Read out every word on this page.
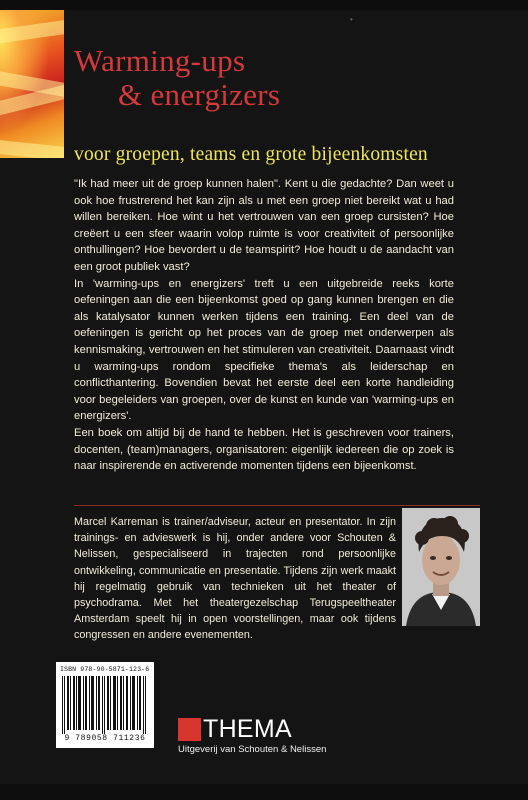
•
Warming-ups
& energizers
voor groepen, teams en grote bijeenkomsten

"Ik had meer uit de groep kunnen halen". Kent u die gedachte? Dan weet u ook hoe frustrerend het kan zijn als u met een groep niet bereikt wat u had willen bereiken. Hoe wint u het vertrouwen van een groep cursisten? Hoe creëert u een sfeer waarin volop ruimte is voor creativiteit of persoonlijke onthullingen? Hoe bevordert u de teamspirit? Hoe houdt u de aandacht van een groot publiek vast?

In 'warming-ups en energizers' treft u een uitgebreide reeks korte oefeningen aan die een bijeenkomst goed op gang kunnen brengen en die als katalysator kunnen werken tijdens een training. Een deel van de oefeningen is gericht op het proces van de groep met onderwerpen als kennismaking, vertrouwen en het stimuleren van creativiteit. Daarnaast vindt u warming-ups rondom specifieke thema's als leiderschap en conflicthantering. Bovendien bevat het eerste deel een korte handleiding voor begeleiders van groepen, over de kunst en kunde van 'warming-ups en energizers'.

Een boek om altijd bij de hand te hebben. Het is geschreven voor trainers, docenten, (team)managers, organisatoren: eigenlijk iedereen die op zoek is naar inspirerende en activerende momenten tijdens een bijeenkomst.

Marcel Karreman is trainer/adviseur, acteur en presentator. In zijn trainings- en advieswerk is hij, onder andere voor Schouten & Nelissen, gespecialiseerd in trajecten rond persoonlijke ontwikkeling, communicatie en presentatie. Tijdens zijn werk maakt hij regelmatig gebruik van technieken uit het theater of psychodrama. Met het theatergezelschap Terugspeeltheater Amsterdam speelt hij in open voorstellingen, maar ook tijdens congressen en andere evenementen.

ISBN 978-90-5871-123-6
9 789058 711236 THEMA
Uitgeverij van Schouten & Nelissen
